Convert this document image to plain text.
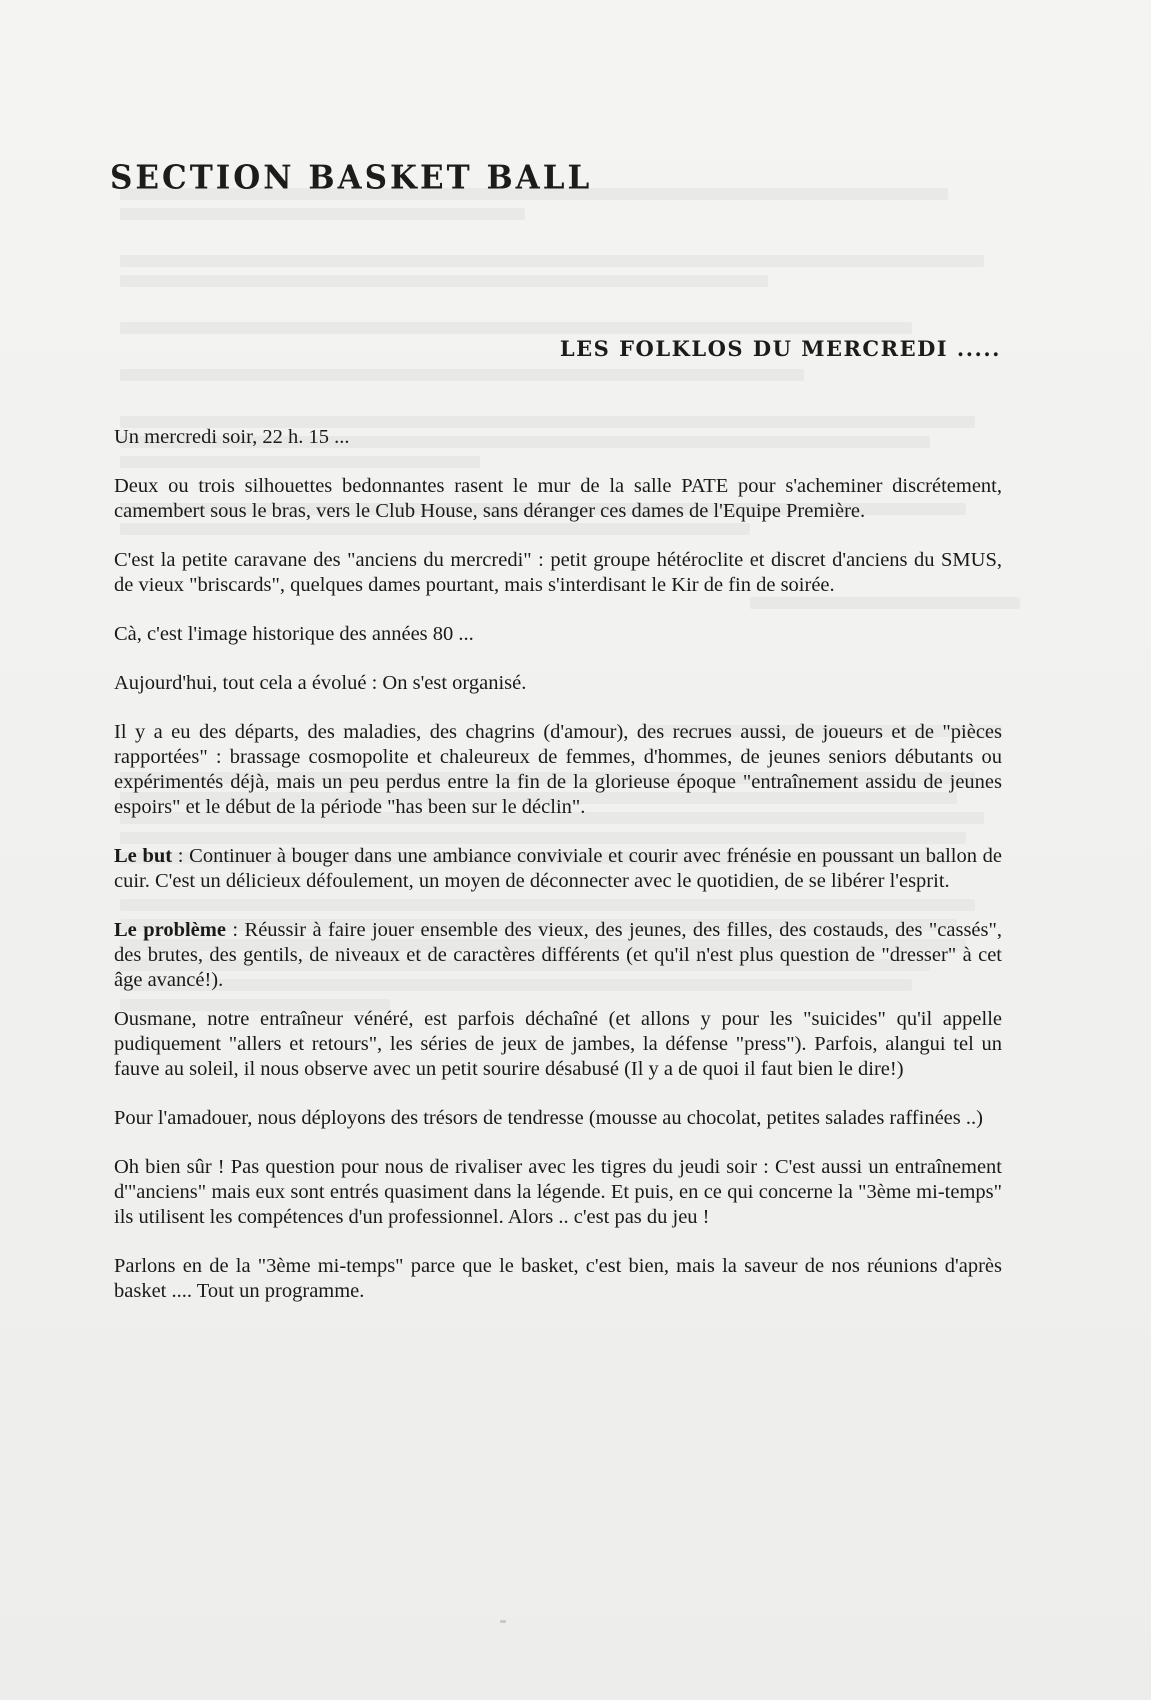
SECTION BASKET BALL
LES FOLKLOS DU MERCREDI .....

Un mercredi soir, 22 h. 15 ...

Deux ou trois silhouettes bedonnantes rasent le mur de la salle PATE pour s'acheminer discrétement, camembert sous le bras, vers le Club House, sans déranger ces dames de l'Equipe Première.

C'est la petite caravane des "anciens du mercredi" : petit groupe hétéroclite et discret d'anciens du SMUS, de vieux "briscards", quelques dames pourtant, mais s'interdisant le Kir de fin de soirée.

Cà, c'est l'image historique des années 80 ...

Aujourd'hui, tout cela a évolué : On s'est organisé.

Il y a eu des départs, des maladies, des chagrins (d'amour), des recrues aussi, de joueurs et de "pièces rapportées" : brassage cosmopolite et chaleureux de femmes, d'hommes, de jeunes seniors débutants ou expérimentés déjà, mais un peu perdus entre la fin de la glorieuse époque "entraînement assidu de jeunes espoirs" et le début de la période "has been sur le déclin".

Le but : Continuer à bouger dans une ambiance conviviale et courir avec frénésie en poussant un ballon de cuir. C'est un délicieux défoulement, un moyen de déconnecter avec le quotidien, de se libérer l'esprit.

Le problème : Réussir à faire jouer ensemble des vieux, des jeunes, des filles, des costauds, des "cassés", des brutes, des gentils, de niveaux et de caractères différents (et qu'il n'est plus question de "dresser" à cet âge avancé!).

Ousmane, notre entraîneur vénéré, est parfois déchaîné (et allons y pour les "suicides" qu'il appelle pudiquement "allers et retours", les séries de jeux de jambes, la défense "press"). Parfois, alangui tel un fauve au soleil, il nous observe avec un petit sourire désabusé (Il y a de quoi il faut bien le dire!)

Pour l'amadouer, nous déployons des trésors de tendresse (mousse au chocolat, petites salades raffinées ..)

Oh bien sûr ! Pas question pour nous de rivaliser avec les tigres du jeudi soir : C'est aussi un entraînement d'"anciens" mais eux sont entrés quasiment dans la légende. Et puis, en ce qui concerne la "3ème mi-temps" ils utilisent les compétences d'un professionnel. Alors .. c'est pas du jeu !

Parlons en de la "3ème mi-temps" parce que le basket, c'est bien, mais la saveur de nos réunions d'après basket .... Tout un programme.
